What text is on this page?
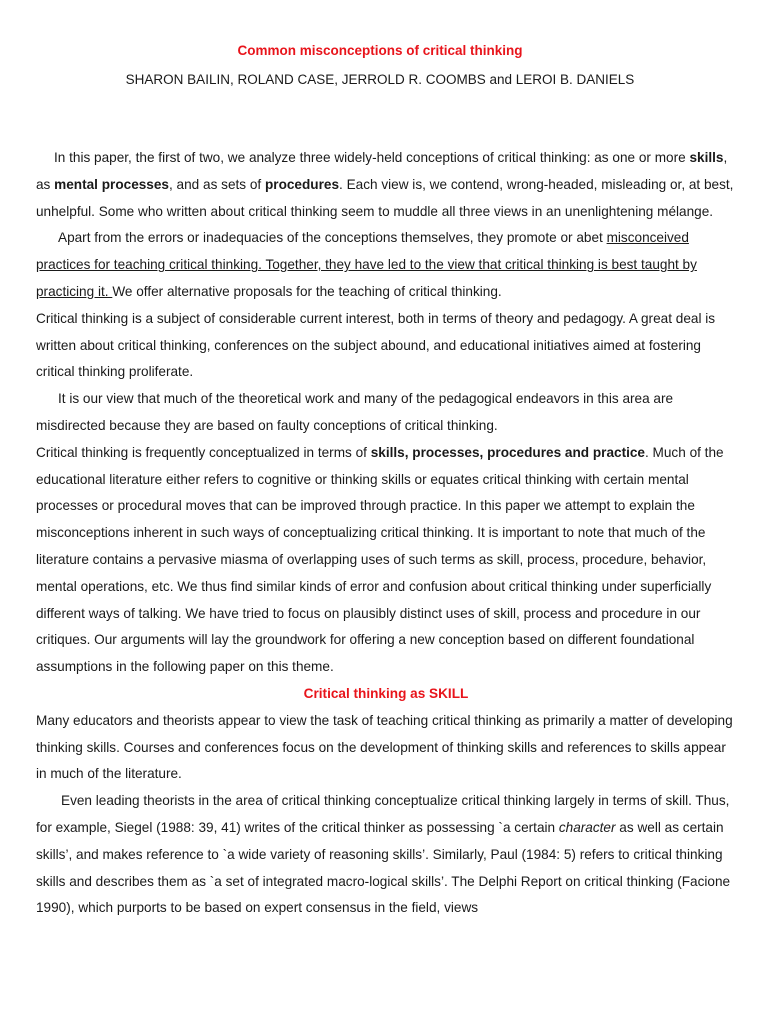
Common misconceptions of critical thinking
SHARON BAILIN, ROLAND CASE, JERROLD R. COOMBS and LEROI B. DANIELS

In this paper, the first of two, we analyze three widely-held conceptions of critical thinking: as one or more skills, as mental processes, and as sets of procedures. Each view is, we contend, wrong-headed, misleading or, at best, unhelpful. Some who written about critical thinking seem to muddle all three views in an unenlightening mélange.

Apart from the errors or inadequacies of the conceptions themselves, they promote or abet misconceived practices for teaching critical thinking. Together, they have led to the view that critical thinking is best taught by practicing it. We offer alternative proposals for the teaching of critical thinking.

Critical thinking is a subject of considerable current interest, both in terms of theory and pedagogy. A great deal is written about critical thinking, conferences on the subject abound, and educational initiatives aimed at fostering critical thinking proliferate.

It is our view that much of the theoretical work and many of the pedagogical endeavors in this area are misdirected because they are based on faulty conceptions of critical thinking.

Critical thinking is frequently conceptualized in terms of skills, processes, procedures and practice. Much of the educational literature either refers to cognitive or thinking skills or equates critical thinking with certain mental processes or procedural moves that can be improved through practice. In this paper we attempt to explain the misconceptions inherent in such ways of conceptualizing critical thinking. It is important to note that much of the literature contains a pervasive miasma of overlapping uses of such terms as skill, process, procedure, behavior, mental operations, etc. We thus find similar kinds of error and confusion about critical thinking under superficially different ways of talking. We have tried to focus on plausibly distinct uses of skill, process and procedure in our critiques. Our arguments will lay the groundwork for offering a new conception based on different foundational assumptions in the following paper on this theme.

Critical thinking as SKILL

Many educators and theorists appear to view the task of teaching critical thinking as primarily a matter of developing thinking skills. Courses and conferences focus on the development of thinking skills and references to skills appear in much of the literature.

Even leading theorists in the area of critical thinking conceptualize critical thinking largely in terms of skill. Thus, for example, Siegel (1988: 39, 41) writes of the critical thinker as possessing `a certain character as well as certain skills’, and makes reference to `a wide variety of reasoning skills’. Similarly, Paul (1984: 5) refers to critical thinking skills and describes them as `a set of integrated macro-logical skills’. The Delphi Report on critical thinking (Facione 1990), which purports to be based on expert consensus in the field, views
